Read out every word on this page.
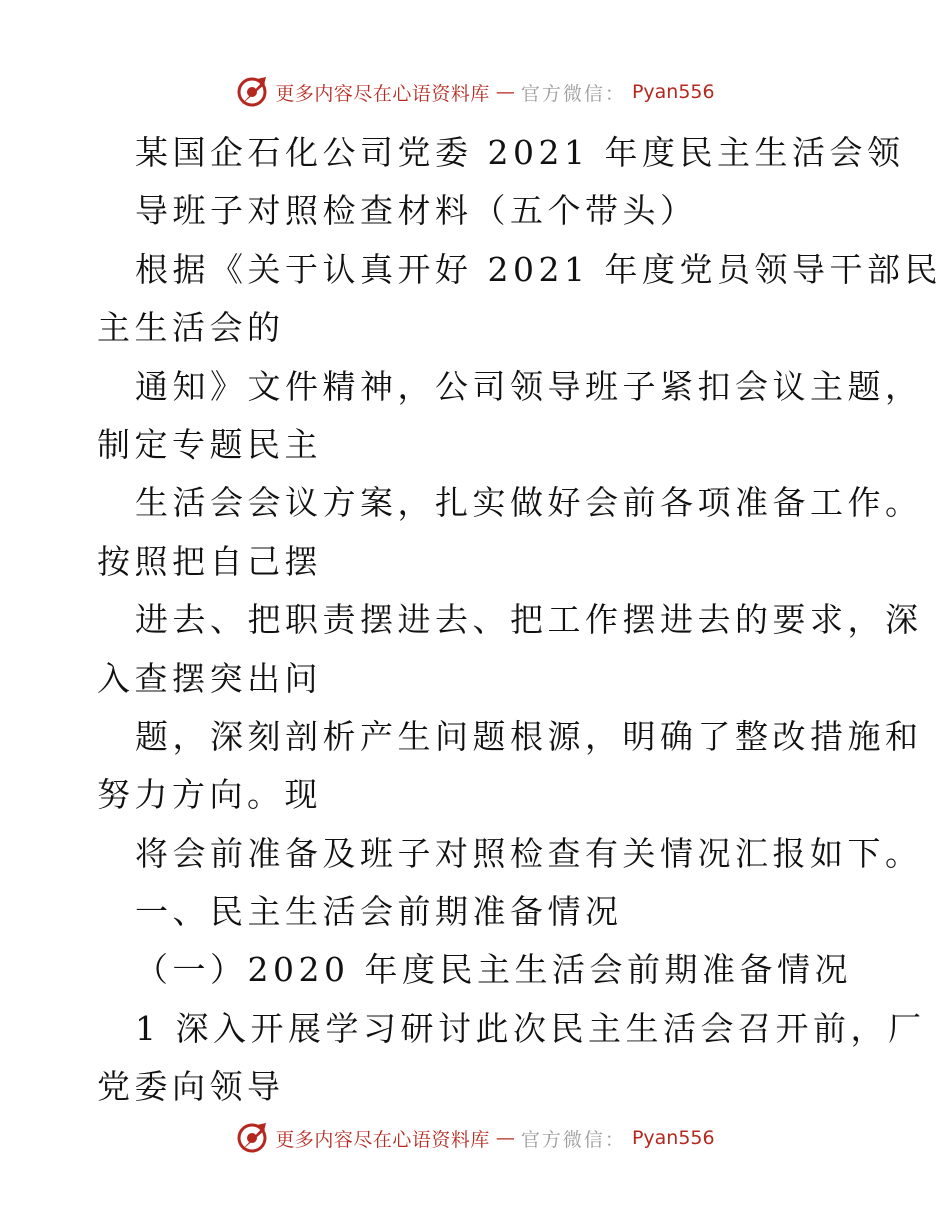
更多内容尽在心语资料库 — 官方微信： Pyan556
某国企石化公司党委 2021 年度民主生活会领
导班子对照检查材料（五个带头）
根据《关于认真开好 2021 年度党员领导干部民
主生活会的
通知》文件精神，公司领导班子紧扣会议主题，
制定专题民主
生活会会议方案，扎实做好会前各项准备工作。
按照把自己摆
进去、把职责摆进去、把工作摆进去的要求，深
入查摆突出问
题，深刻剖析产生问题根源，明确了整改措施和
努力方向。现
将会前准备及班子对照检查有关情况汇报如下。
一、民主生活会前期准备情况
（一）2020 年度民主生活会前期准备情况
1 深入开展学习研讨此次民主生活会召开前，厂
党委向领导
更多内容尽在心语资料库 — 官方微信： Pyan556
